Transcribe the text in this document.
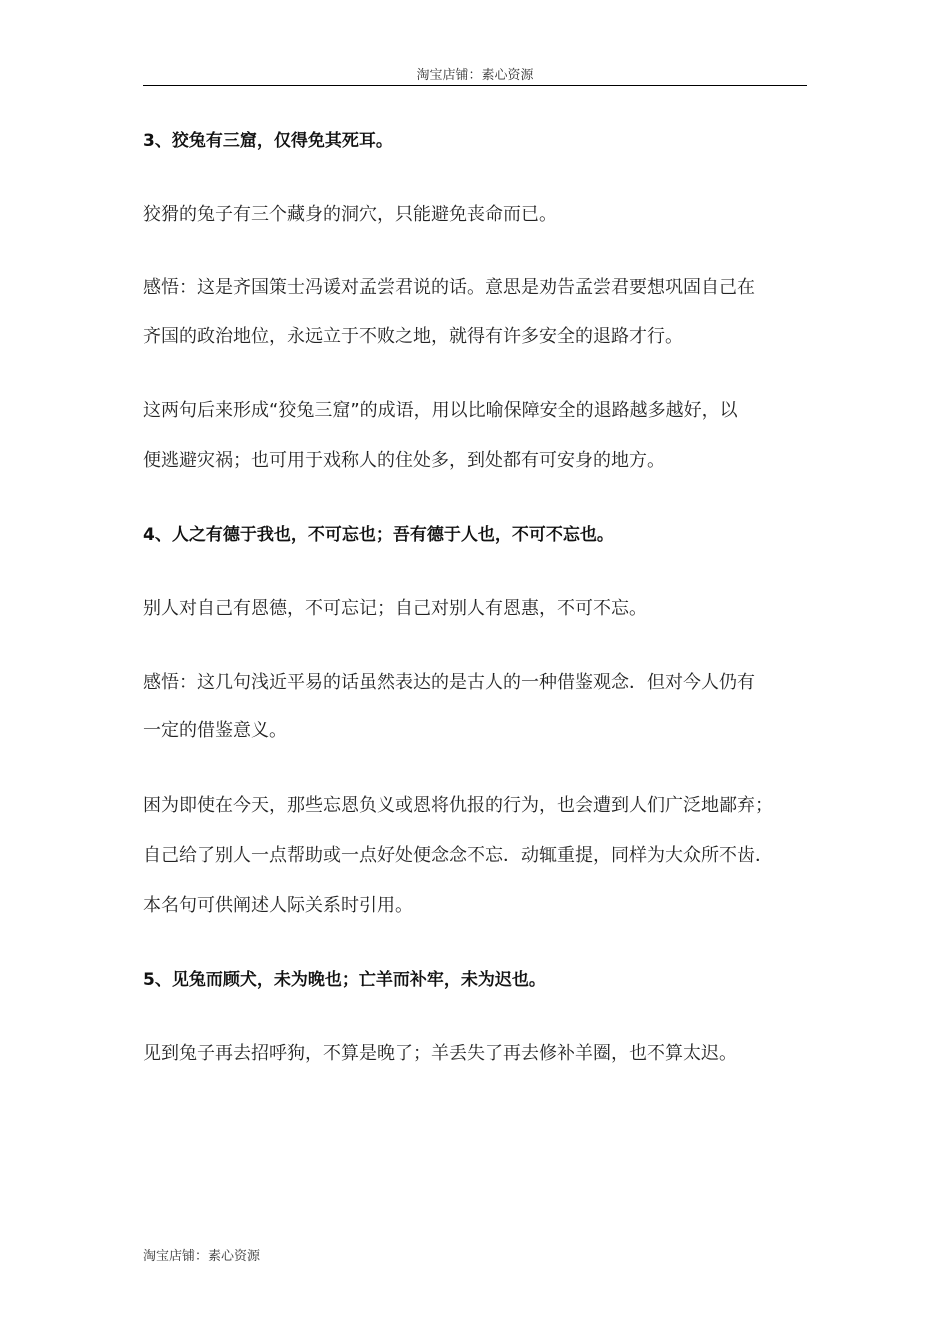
淘宝店铺：素心资源
3、狡兔有三窟，仅得免其死耳。
狡猾的兔子有三个藏身的洞穴，只能避免丧命而已。
感悟：这是齐国策士冯谖对孟尝君说的话。意思是劝告孟尝君要想巩固自己在
齐国的政治地位，永远立于不败之地，就得有许多安全的退路才行。
这两句后来形成“狡兔三窟”的成语，用以比喻保障安全的退路越多越好，以
便逃避灾祸；也可用于戏称人的住处多，到处都有可安身的地方。
4、人之有德于我也，不可忘也；吾有德于人也，不可不忘也。
别人对自己有恩德，不可忘记；自己对别人有恩惠，不可不忘。
感悟：这几句浅近平易的话虽然表达的是古人的一种借鉴观念．但对今人仍有
一定的借鉴意义。
困为即使在今天，那些忘恩负义或恩将仇报的行为，也会遭到人们广泛地鄙弃；
自己给了别人一点帮助或一点好处便念念不忘．动辄重提，同样为大众所不齿．
本名句可供阐述人际关系时引用。
5、见兔而顾犬，未为晚也；亡羊而补牢，未为迟也。
见到兔子再去招呼狗，不算是晚了；羊丢失了再去修补羊圈，也不算太迟。
淘宝店铺：素心资源
